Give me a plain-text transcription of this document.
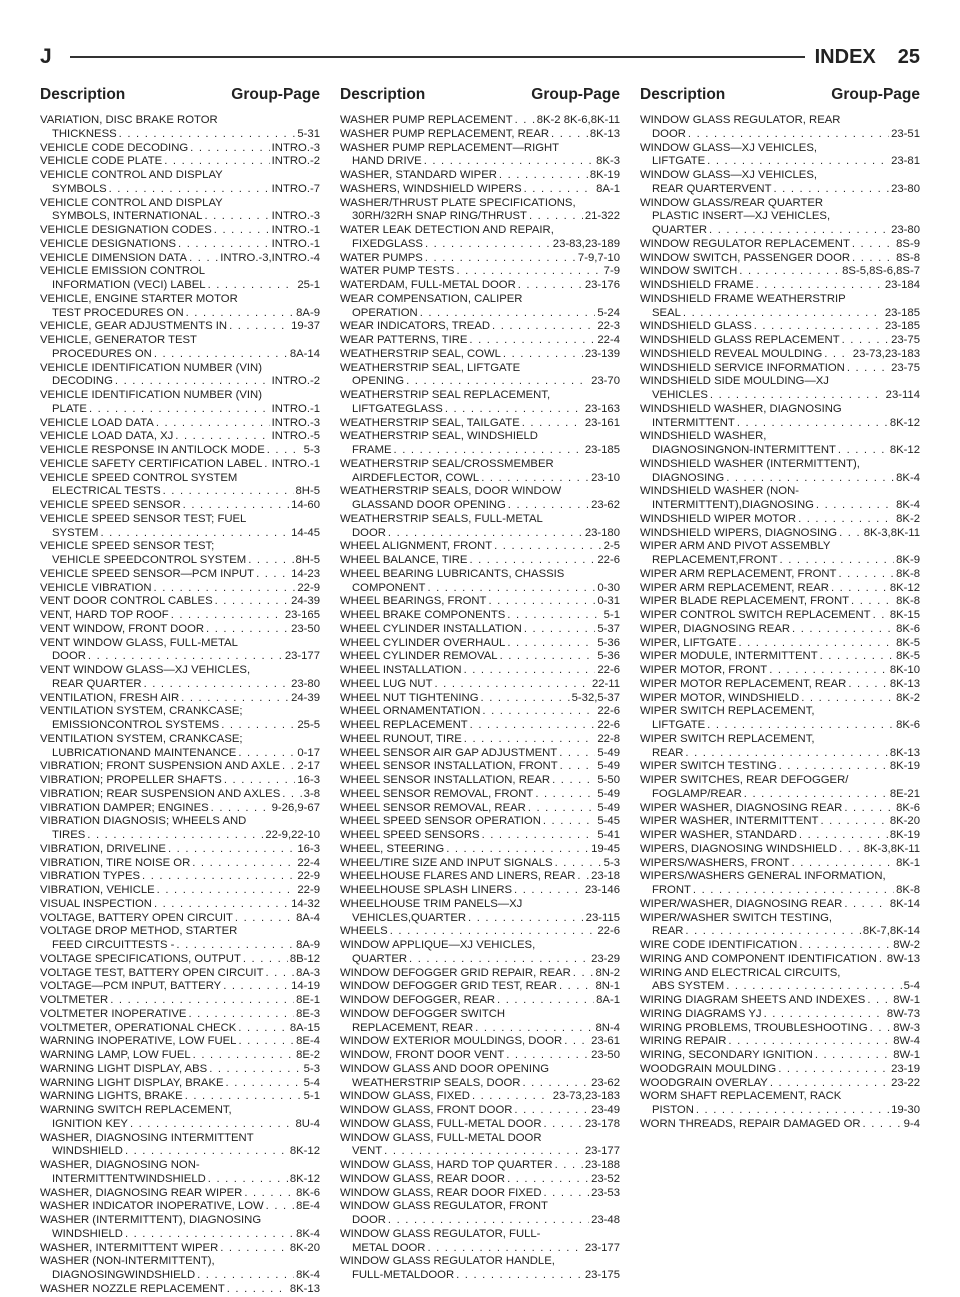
J	INDEX 25
Description	Group-Page
VARIATION, DISC BRAKE ROTOR
THICKNESS . . .	5-31
VEHICLE CODE DECODING . . .	INTRO.-3
VEHICLE CODE PLATE . . .	INTRO.-2
VEHICLE CONTROL AND DISPLAY
SYMBOLS . . .	INTRO.-7
VEHICLE CONTROL AND DISPLAY
SYMBOLS, INTERNATIONAL . . .	INTRO.-3
VEHICLE DESIGNATION CODES . . .	INTRO.-1
VEHICLE DESIGNATIONS . . .	INTRO.-1
VEHICLE DIMENSION DATA . . .	INTRO.-3,INTRO.-4
VEHICLE EMISSION CONTROL
INFORMATION (VECI) LABEL . . .	25-1
VEHICLE, ENGINE STARTER MOTOR
TEST PROCEDURES ON . . .	8A-9
VEHICLE, GEAR ADJUSTMENTS IN . . .	19-37
VEHICLE, GENERATOR TEST
PROCEDURES ON . . .	8A-14
VEHICLE IDENTIFICATION NUMBER (VIN)
DECODING . . .	INTRO.-2
VEHICLE IDENTIFICATION NUMBER (VIN)
PLATE . . .	INTRO.-1
VEHICLE LOAD DATA . . .	INTRO.-3
VEHICLE LOAD DATA, XJ . . .	INTRO.-5
VEHICLE RESPONSE IN ANTILOCK MODE . . .	5-3
VEHICLE SAFETY CERTIFICATION LABEL . . . INTRO.-1
VEHICLE SPEED CONTROL SYSTEM
ELECTRICAL TESTS . . .	8H-5
VEHICLE SPEED SENSOR . . .	14-60
VEHICLE SPEED SENSOR TEST; FUEL
SYSTEM . . .	14-45
VEHICLE SPEED SENSOR TEST;
VEHICLE SPEEDCONTROL SYSTEM . . .	8H-5
VEHICLE SPEED SENSOR—PCM INPUT . . .	14-23
VEHICLE VIBRATION . . .	22-9
VENT DOOR CONTROL CABLES . . .	24-39
VENT, HARD TOP ROOF . . .	23-165
VENT WINDOW, FRONT DOOR . . .	23-50
VENT WINDOW GLASS, FULL-METAL
DOOR . . .	23-177
VENT WINDOW GLASS—XJ VEHICLES,
REAR QUARTER . . .	23-80
VENTILATION, FRESH AIR . . .	24-39
VENTILATION SYSTEM, CRANKCASE;
EMISSIONCONTROL SYSTEMS . . .	25-5
VENTILATION SYSTEM, CRANKCASE;
LUBRICATIONAND MAINTENANCE . . .	0-17
VIBRATION; FRONT SUSPENSION AND AXLE . . . 2-17
VIBRATION; PROPELLER SHAFTS . . .	16-3
VIBRATION; REAR SUSPENSION AND AXLES . . . 3-8
VIBRATION DAMPER; ENGINES . . .	9-26,9-67
VIBRATION DIAGNOSIS; WHEELS AND
TIRES . . .	22-9,22-10
VIBRATION, DRIVELINE . . .	16-3
VIBRATION, TIRE NOISE OR . . .	22-4
VIBRATION TYPES . . .	22-9
VIBRATION, VEHICLE . . .	22-9
VISUAL INSPECTION . . .	14-32
VOLTAGE, BATTERY OPEN CIRCUIT . . .	8A-4
VOLTAGE DROP METHOD, STARTER
FEED CIRCUITTESTS - . . .	8A-9
VOLTAGE SPECIFICATIONS, OUTPUT . . .	8B-12
VOLTAGE TEST, BATTERY OPEN CIRCUIT . . .	8A-3
VOLTAGE—PCM INPUT, BATTERY . . .	14-19
VOLTMETER . . .	8E-1
VOLTMETER INOPERATIVE . . .	8E-3
VOLTMETER, OPERATIONAL CHECK . . .	8A-15
WARNING INOPERATIVE, LOW FUEL . . .	8E-4
WARNING LAMP, LOW FUEL . . .	8E-2
WARNING LIGHT DISPLAY, ABS . . .	5-3
WARNING LIGHT DISPLAY, BRAKE . . .	5-4
WARNING LIGHTS, BRAKE . . .	5-1
WARNING SWITCH REPLACEMENT,
IGNITION KEY . . .	8U-4
WASHER, DIAGNOSING INTERMITTENT
WINDSHIELD . . .	8K-12
WASHER, DIAGNOSING NON-
INTERMITTENTWINDSHIELD . . .	8K-12
WASHER, DIAGNOSING REAR WIPER . . .	8K-6
WASHER INDICATOR INOPERATIVE, LOW . . .	8E-4
WASHER (INTERMITTENT), DIAGNOSING
WINDSHIELD . . .	8K-4
WASHER, INTERMITTENT WIPER . . .	8K-20
WASHER (NON-INTERMITTENT),
DIAGNOSINGWINDSHIELD . . .	8K-4
WASHER NOZZLE REPLACEMENT . . .	8K-13
Description	Group-Page
WASHER PUMP REPLACEMENT . . . 8K-2 8K-6,8K-11
WASHER PUMP REPLACEMENT, REAR . . .	8K-13
WASHER PUMP REPLACEMENT—RIGHT
HAND DRIVE . . .	8K-3
WASHER, STANDARD WIPER . . .	8K-19
WASHERS, WINDSHIELD WIPERS . . .	8A-1
WASHER/THRUST PLATE SPECIFICATIONS,
30RH/32RH SNAP RING/THRUST . . .	21-322
WATER LEAK DETECTION AND REPAIR,
FIXEDGLASS . . .	23-83,23-189
WATER PUMPS . . .	7-9,7-10
WATER PUMP TESTS . . .	7-9
WATERDAM, FULL-METAL DOOR . . .	23-176
WEAR COMPENSATION, CALIPER
OPERATION . . .	5-24
WEAR INDICATORS, TREAD . . .	22-3
WEAR PATTERNS, TIRE . . .	22-4
WEATHERSTRIP SEAL, COWL . . .	23-139
WEATHERSTRIP SEAL, LIFTGATE
OPENING . . .	23-70
WEATHERSTRIP SEAL REPLACEMENT,
LIFTGATEGLASS . . .	23-163
WEATHERSTRIP SEAL, TAILGATE . . .	23-161
WEATHERSTRIP SEAL, WINDSHIELD
FRAME . . .	23-185
WEATHERSTRIP SEAL/CROSSMEMBER
AIRDEFLECTOR, COWL . . .	23-10
WEATHERSTRIP SEALS, DOOR WINDOW
GLASSAND DOOR OPENING . . .	23-62
WEATHERSTRIP SEALS, FULL-METAL
DOOR . . .	23-180
WHEEL ALIGNMENT, FRONT . . .	2-5
WHEEL BALANCE, TIRE . . .	22-6
WHEEL BEARING LUBRICANTS, CHASSIS
COMPONENT . . .	0-30
WHEEL BEARINGS, FRONT . . .	0-31
WHEEL BRAKE COMPONENTS . . .	5-1
WHEEL CYLINDER INSTALLATION . . .	5-37
WHEEL CYLINDER OVERHAUL . . .	5-36
WHEEL CYLINDER REMOVAL . . .	5-36
WHEEL INSTALLATION . . .	22-6
WHEEL LUG NUT . . .	22-11
WHEEL NUT TIGHTENING . . .	5-32,5-37
WHEEL ORNAMENTATION . . .	22-6
WHEEL REPLACEMENT . . .	22-6
WHEEL RUNOUT, TIRE . . .	22-8
WHEEL SENSOR AIR GAP ADJUSTMENT . . .	5-49
WHEEL SENSOR INSTALLATION, FRONT . . .	5-49
WHEEL SENSOR INSTALLATION, REAR . . .	5-50
WHEEL SENSOR REMOVAL, FRONT . . .	5-49
WHEEL SENSOR REMOVAL, REAR . . .	5-49
WHEEL SPEED SENSOR OPERATION . . .	5-45
WHEEL SPEED SENSORS . . .	5-41
WHEEL, STEERING . . .	19-45
WHEEL/TIRE SIZE AND INPUT SIGNALS . . .	5-3
WHEELHOUSE FLARES AND LINERS, REAR . . . 23-18
WHEELHOUSE SPLASH LINERS . . .	23-146
WHEELHOUSE TRIM PANELS—XJ
VEHICLES,QUARTER . . .	23-115
WHEELS . . .	22-6
WINDOW APPLIQUE—XJ VEHICLES,
QUARTER . . .	23-29
WINDOW DEFOGGER GRID REPAIR, REAR . . . 8N-2
WINDOW DEFOGGER GRID TEST, REAR . . .	8N-1
WINDOW DEFOGGER, REAR . . .	8A-1
WINDOW DEFOGGER SWITCH
REPLACEMENT, REAR . . .	8N-4
WINDOW EXTERIOR MOULDINGS, DOOR . . .	23-61
WINDOW, FRONT DOOR VENT . . .	23-50
WINDOW GLASS AND DOOR OPENING
WEATHERSTRIP SEALS, DOOR . . .	23-62
WINDOW GLASS, FIXED . . .	23-73,23-183
WINDOW GLASS, FRONT DOOR . . .	23-49
WINDOW GLASS, FULL-METAL DOOR . . .	23-178
WINDOW GLASS, FULL-METAL DOOR
VENT . . .	23-177
WINDOW GLASS, HARD TOP QUARTER . . .	23-188
WINDOW GLASS, REAR DOOR . . .	23-52
WINDOW GLASS, REAR DOOR FIXED . . .	23-53
WINDOW GLASS REGULATOR, FRONT
DOOR . . .	23-48
WINDOW GLASS REGULATOR, FULL-
METAL DOOR . . .	23-177
WINDOW GLASS REGULATOR HANDLE,
FULL-METALDOOR . . .	23-175
Description	Group-Page
WINDOW GLASS REGULATOR, REAR
DOOR . . .	23-51
WINDOW GLASS—XJ VEHICLES,
LIFTGATE . . .	23-81
WINDOW GLASS—XJ VEHICLES,
REAR QUARTERVENT . . .	23-80
WINDOW GLASS/REAR QUARTER
PLASTIC INSERT—XJ VEHICLES,
QUARTER . . .	23-80
WINDOW REGULATOR REPLACEMENT . . .	8S-9
WINDOW SWITCH, PASSENGER DOOR . . .	8S-8
WINDOW SWITCH . . .	8S-5,8S-6,8S-7
WINDSHIELD FRAME . . .	23-184
WINDSHIELD FRAME WEATHERSTRIP
SEAL . . .	23-185
WINDSHIELD GLASS . . .	23-185
WINDSHIELD GLASS REPLACEMENT . . .	23-75
WINDSHIELD REVEAL MOULDING . . .	23-73,23-183
WINDSHIELD SERVICE INFORMATION . . .	23-75
WINDSHIELD SIDE MOULDING—XJ
VEHICLES . . .	23-114
WINDSHIELD WASHER, DIAGNOSING
INTERMITTENT . . .	8K-12
WINDSHIELD WASHER,
DIAGNOSINGNON-INTERMITTENT . . .	8K-12
WINDSHIELD WASHER (INTERMITTENT),
DIAGNOSING . . .	8K-4
WINDSHIELD WASHER (NON-
INTERMITTENT),DIAGNOSING . . .	8K-4
WINDSHIELD WIPER MOTOR . . .	8K-2
WINDSHIELD WIPERS, DIAGNOSING . . . 8K-3,8K-11
WIPER ARM AND PIVOT ASSEMBLY
REPLACEMENT,FRONT . . .	8K-9
WIPER ARM REPLACEMENT, FRONT . . .	8K-8
WIPER ARM REPLACEMENT, REAR . . .	8K-12
WIPER BLADE REPLACEMENT, FRONT . . .	8K-8
WIPER CONTROL SWITCH REPLACEMENT . . . 8K-15
WIPER, DIAGNOSING REAR . . .	8K-6
WIPER, LIFTGATE . . .	8K-5
WIPER MODULE, INTERMITTENT . . .	8K-5
WIPER MOTOR, FRONT . . .	8K-10
WIPER MOTOR REPLACEMENT, REAR . . .	8K-13
WIPER MOTOR, WINDSHIELD . . .	8K-2
WIPER SWITCH REPLACEMENT,
LIFTGATE . . .	8K-6
WIPER SWITCH REPLACEMENT,
REAR . . .	8K-13
WIPER SWITCH TESTING . . .	8K-19
WIPER SWITCHES, REAR DEFOGGER/
FOGLAMP/REAR . . .	8E-21
WIPER WASHER, DIAGNOSING REAR . . .	8K-6
WIPER WASHER, INTERMITTENT . . .	8K-20
WIPER WASHER, STANDARD . . .	8K-19
WIPERS, DIAGNOSING WINDSHIELD . . . 8K-3,8K-11
WIPERS/WASHERS, FRONT . . .	8K-1
WIPERS/WASHERS GENERAL INFORMATION,
FRONT . . .	8K-8
WIPER/WASHER, DIAGNOSING REAR . . .	8K-14
WIPER/WASHER SWITCH TESTING,
REAR . . .	8K-7,8K-14
WIRE CODE IDENTIFICATION . . .	8W-2
WIRING AND COMPONENT IDENTIFICATION . . . 8W-13
WIRING AND ELECTRICAL CIRCUITS,
ABS SYSTEM . . .	5-4
WIRING DIAGRAM SHEETS AND INDEXES . . . 8W-1
WIRING DIAGRAMS YJ . . .	8W-73
WIRING PROBLEMS, TROUBLESHOOTING . . . 8W-3
WIRING REPAIR . . .	8W-4
WIRING, SECONDARY IGNITION . . .	8W-1
WOODGRAIN MOULDING . . .	23-19
WOODGRAIN OVERLAY . . .	23-22
WORM SHAFT REPLACEMENT, RACK
PISTON . . .	19-30
WORN THREADS, REPAIR DAMAGED OR . . .	9-4
